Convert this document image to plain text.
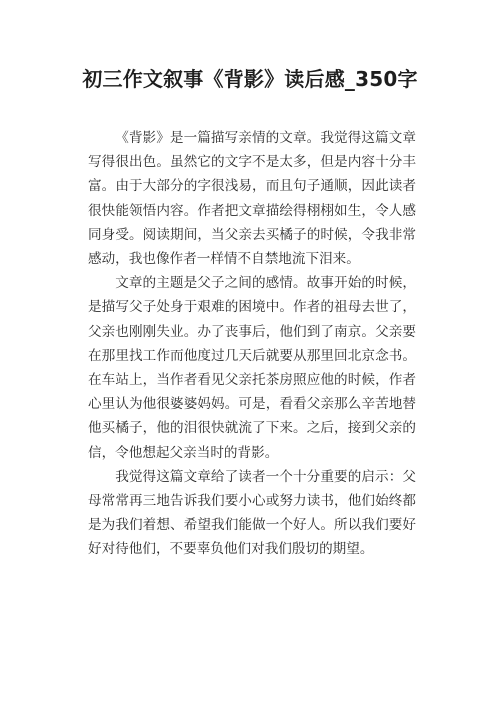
初三作文叙事《背影》读后感_350字

《背影》是一篇描写亲情的文章。我觉得这篇文章写得很出色。虽然它的文字不是太多，但是内容十分丰富。由于大部分的字很浅易，而且句子通顺，因此读者很快能领悟内容。作者把文章描绘得栩栩如生，令人感同身受。阅读期间，当父亲去买橘子的时候，令我非常感动，我也像作者一样情不自禁地流下泪来。

文章的主题是父子之间的感情。故事开始的时候，是描写父子处身于艰难的困境中。作者的祖母去世了，父亲也刚刚失业。办了丧事后，他们到了南京。父亲要在那里找工作而他度过几天后就要从那里回北京念书。在车站上，当作者看见父亲托茶房照应他的时候，作者心里认为他很婆婆妈妈。可是，看看父亲那么辛苦地替他买橘子，他的泪很快就流了下来。之后，接到父亲的信，令他想起父亲当时的背影。

我觉得这篇文章给了读者一个十分重要的启示：父母常常再三地告诉我们要小心或努力读书，他们始终都是为我们着想、希望我们能做一个好人。所以我们要好好对待他们，不要辜负他们对我们殷切的期望。
